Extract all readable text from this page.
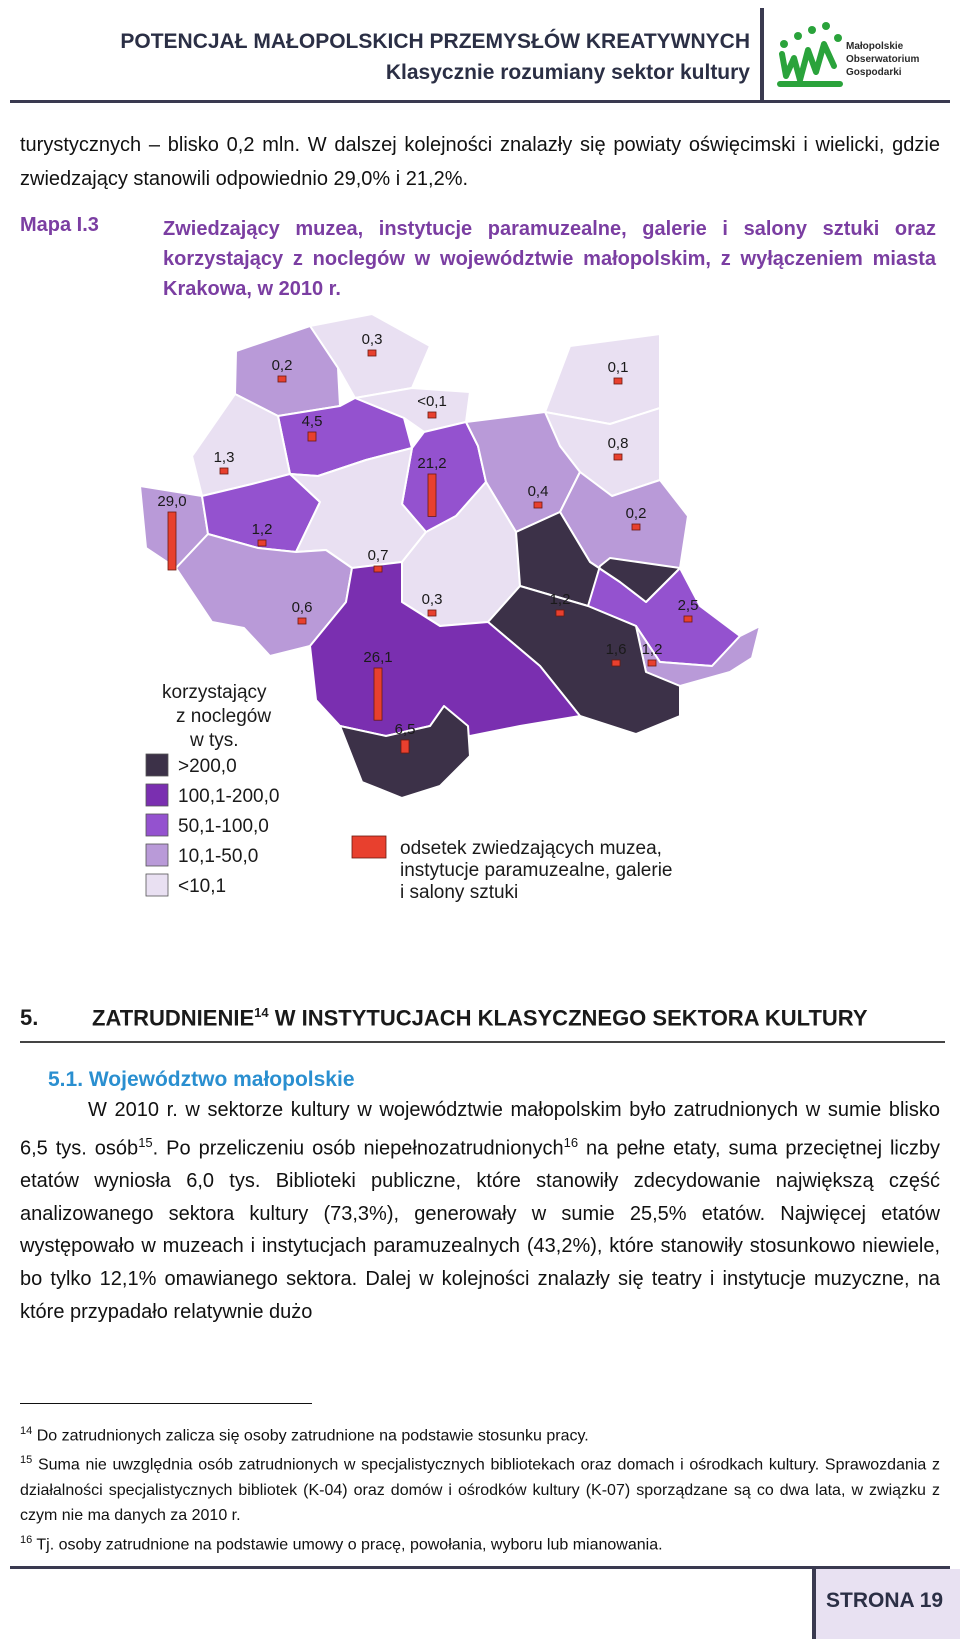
POTENCJAŁ MAŁOPOLSKICH PRZEMYSŁÓW KREATYWNYCH
Klasycznie rozumiany sektor kultury
Małopolskie
Obserwatorium
Gospodarki
turystycznych – blisko 0,2 mln. W dalszej kolejności znalazły się powiaty oświęcimski i wielicki, gdzie zwiedzający stanowili odpowiednio 29,0% i 21,2%.
Mapa I.3	Zwiedzający muzea, instytucje paramuzealne, galerie i salony sztuki oraz korzystający z noclegów w województwie małopolskim, z wyłączeniem miasta Krakowa, w 2010 r.
0,3
0,2	0,1
<0,1
4,5
1,3	21,2
0,8
29,0
1,2
0,4
0,2
1,2
0,7
0,3
0,6	2,5
1,2
1,6
26,1
6,5
korzystający
z noclegów
w tys.
>200,0
100,1-200,0
50,1-100,0
10,1-50,0
<10,1
odsetek zwiedzających muzea,
instytucje paramuzealne, galerie
i salony sztuki
5. ZATRUDNIENIE$^{14}$ W INSTYTUCJACH KLASYCZNEGO SEKTORA KULTURY
5.1. Województwo małopolskie
W 2010 r. w sektorze kultury w województwie małopolskim było zatrudnionych w sumie blisko 6,5 tys. osób$^{15}$. Po przeliczeniu osób niepełnozatrudnionych$^{16}$ na pełne etaty, suma przeciętnej liczby etatów wyniosła 6,0 tys. Biblioteki publiczne, które stanowiły zdecydowanie największą część analizowanego sektora kultury (73,3%), generowały w sumie 25,5% etatów. Najwięcej etatów występowało w muzeach i instytucjach paramuzealnych (43,2%), które stanowiły stosunkowo niewiele, bo tylko 12,1% omawianego sektora. Dalej w kolejności znalazły się teatry i instytucje muzyczne, na które przypadało relatywnie dużo
$^{14}$ Do zatrudnionych zalicza się osoby zatrudnione na podstawie stosunku pracy.
$^{15}$ Suma nie uwzględnia osób zatrudnionych w specjalistycznych bibliotekach oraz domach i ośrodkach kultury. Sprawozdania z działalności specjalistycznych bibliotek (K-04) oraz domów i ośrodków kultury (K-07) sporządzane są co dwa lata, w związku z czym nie ma danych za 2010 r.
$^{16}$ Tj. osoby zatrudnione na podstawie umowy o pracę, powołania, wyboru lub mianowania.
STRONA 19
